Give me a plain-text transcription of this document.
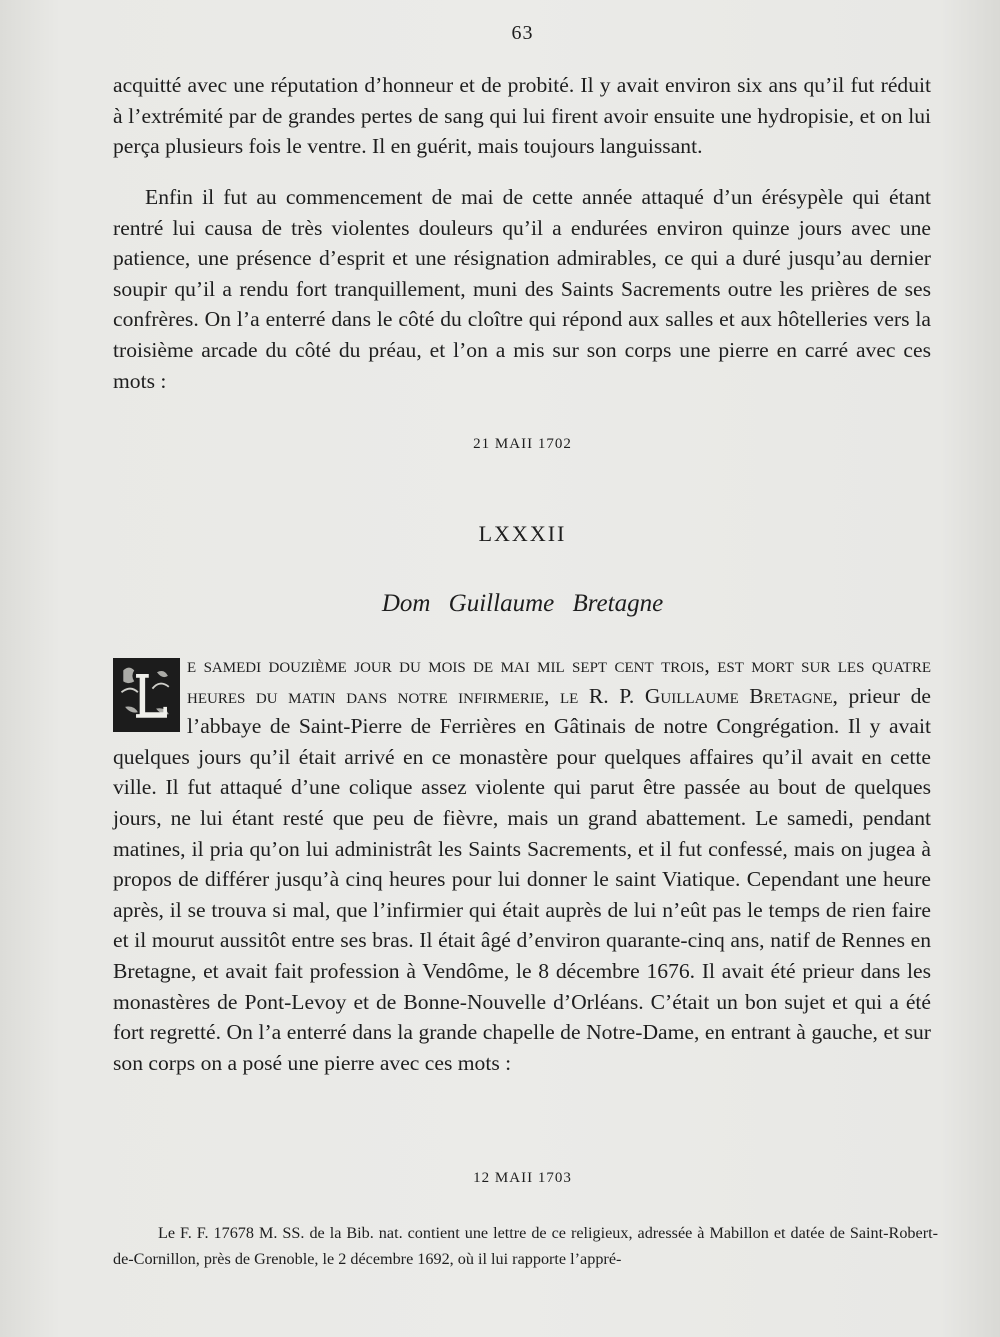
63
acquitté avec une réputation d’honneur et de probité. Il y avait environ six ans qu’il fut réduit à l’extrémité par de grandes pertes de sang qui lui firent avoir ensuite une hydropisie, et on lui perça plusieurs fois le ventre. Il en guérit, mais toujours languissant.
Enfin il fut au commencement de mai de cette année attaqué d’un érésypèle qui étant rentré lui causa de très violentes douleurs qu’il a endurées environ quinze jours avec une patience, une présence d’esprit et une résignation admirables, ce qui a duré jusqu’au dernier soupir qu’il a rendu fort tranquillement, muni des Saints Sacrements outre les prières de ses confrères. On l’a enterré dans le côté du cloître qui répond aux salles et aux hôtelleries vers la troisième arcade du côté du préau, et l’on a mis sur son corps une pierre en carré avec ces mots :
21 MAII 1702
LXXXII
Dom Guillaume Bretagne
e samedi douzième jour du mois de mai mil sept cent trois, est mort sur les quatre heures du matin dans notre infirmerie, le R. P. Guillaume Bretagne, prieur de l’abbaye de Saint-Pierre de Ferrières en Gâtinais de notre Congrégation. Il y avait quelques jours qu’il était arrivé en ce monastère pour quelques affaires qu’il avait en cette ville. Il fut attaqué d’une colique assez violente qui parut être passée au bout de quelques jours, ne lui étant resté que peu de fièvre, mais un grand abattement. Le samedi, pendant matines, il pria qu’on lui administrât les Saints Sacrements, et il fut confessé, mais on jugea à propos de différer jusqu’à cinq heures pour lui donner le saint Viatique. Cependant une heure après, il se trouva si mal, que l’infirmier qui était auprès de lui n’eût pas le temps de rien faire et il mourut aussitôt entre ses bras. Il était âgé d’environ quarante-cinq ans, natif de Rennes en Bretagne, et avait fait profession à Vendôme, le 8 décembre 1676. Il avait été prieur dans les monastères de Pont-Levoy et de Bonne-Nouvelle d’Orléans. C’était un bon sujet et qui a été fort regretté. On l’a enterré dans la grande chapelle de Notre-Dame, en entrant à gauche, et sur son corps on a posé une pierre avec ces mots :
12 MAII 1703
Le F. F. 17678 M. SS. de la Bib. nat. contient une lettre de ce religieux, adressée à Mabillon et datée de Saint-Robert-de-Cornillon, près de Grenoble, le 2 décembre 1692, où il lui rapporte l’appré-
